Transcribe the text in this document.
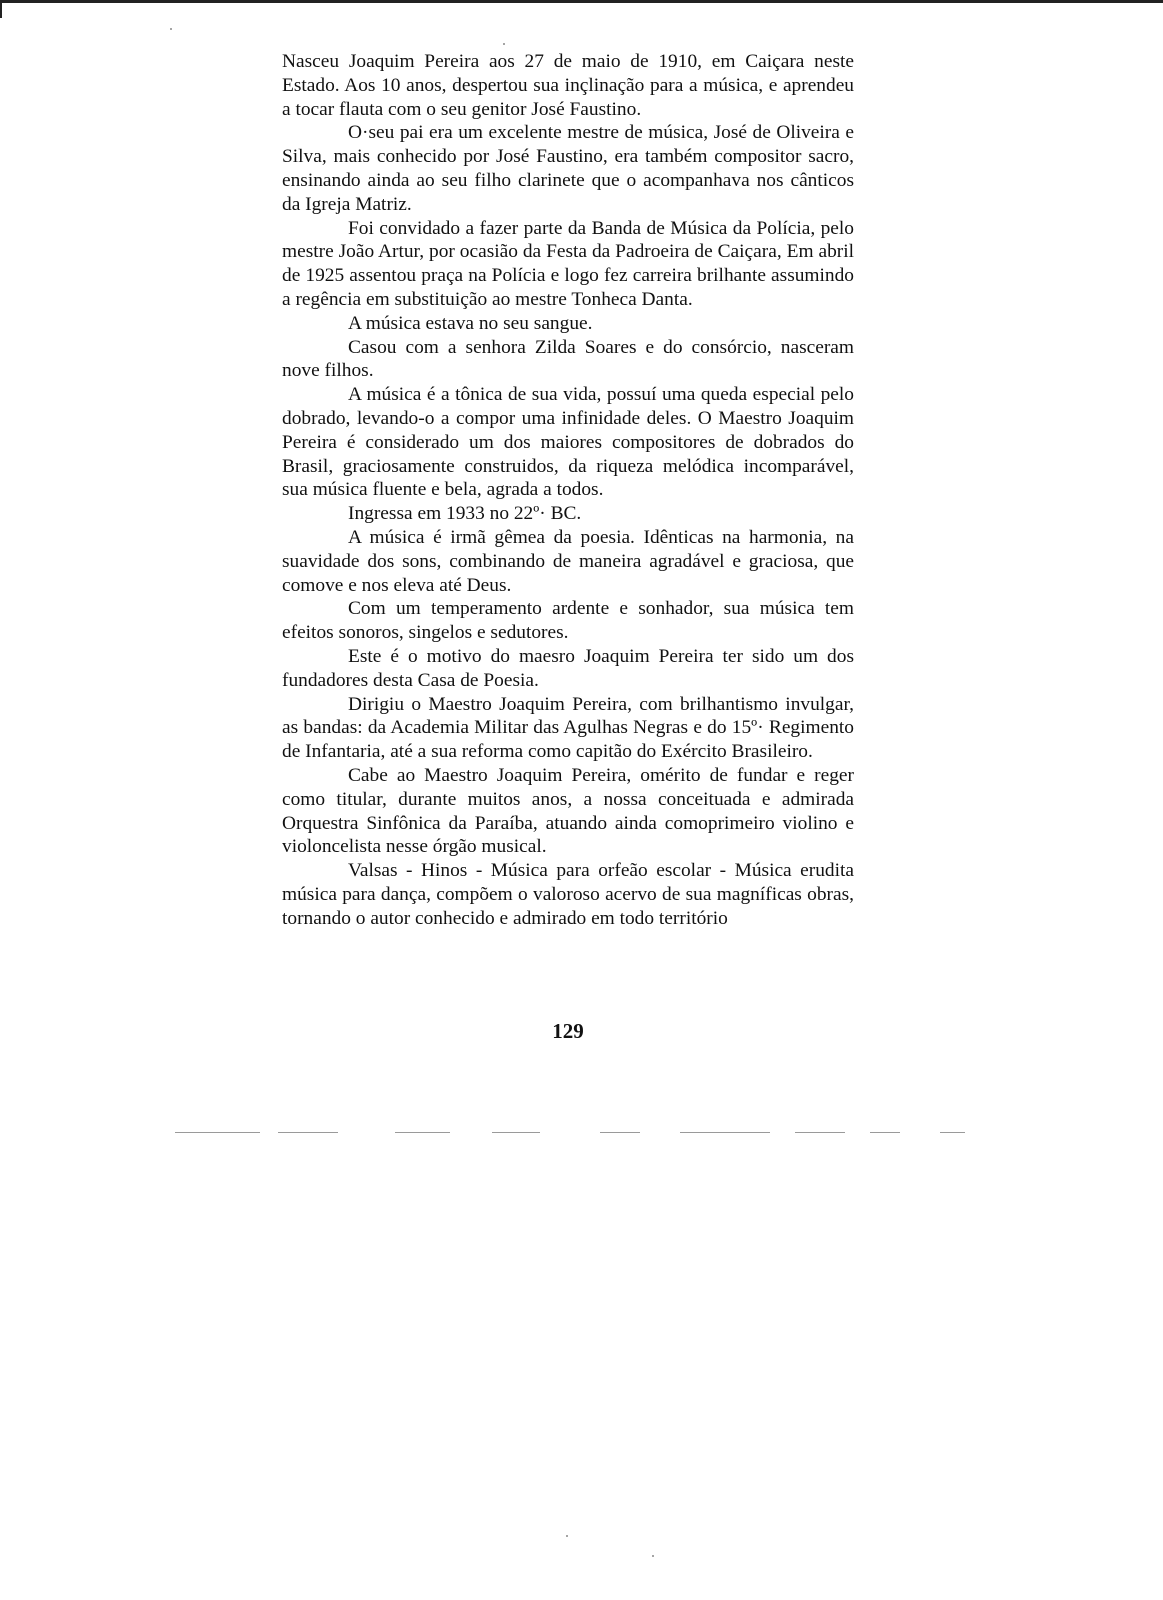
Nasceu Joaquim Pereira aos 27 de maio de 1910, em Caiçara neste Estado. Aos 10 anos, despertou sua inçlinação para a música, e aprendeu a tocar flauta com o seu genitor José Faustino.

O·seu pai era um excelente mestre de música, José de Oliveira e Silva, mais conhecido por José Faustino, era também compositor sacro, ensinando ainda ao seu filho clarinete que o acompanhava nos cânticos da Igreja Matriz.

Foi convidado a fazer parte da Banda de Música da Polícia, pelo mestre João Artur, por ocasião da Festa da Padroeira de Caiçara, Em abril de 1925 assentou praça na Polícia e logo fez carreira brilhante assumindo a regência em substituição ao mestre Tonheca Danta.

A música estava no seu sangue.

Casou com a senhora Zilda Soares e do consórcio, nasceram nove filhos.

A música é a tônica de sua vida, possuí uma queda especial pelo dobrado, levando-o a compor uma infinidade deles. O Maestro Joaquim Pereira é considerado um dos maiores compositores de dobrados do Brasil, graciosamente construidos, da riqueza melódica incomparável, sua música fluente e bela, agrada a todos.

Ingressa em 1933 no 22º· BC.

A música é irmã gêmea da poesia. Idênticas na harmonia, na suavidade dos sons, combinando de maneira agradável e graciosa, que comove e nos eleva até Deus.

Com um temperamento ardente e sonhador, sua música tem efeitos sonoros, singelos e sedutores.

Este é o motivo do maesro Joaquim Pereira ter sido um dos fundadores desta Casa de Poesia.

Dirigiu o Maestro Joaquim Pereira, com brilhantismo invulgar, as bandas: da Academia Militar das Agulhas Negras e do 15º· Regimento de Infantaria, até a sua reforma como capitão do Exército Brasileiro.

Cabe ao Maestro Joaquim Pereira, omérito de fundar e reger como titular, durante muitos anos, a nossa conceituada e admirada Orquestra Sinfônica da Paraíba, atuando ainda comoprimeiro violino e violoncelista nesse órgão musical.

Valsas - Hinos - Música para orfeão escolar - Música erudita música para dança, compõem o valoroso acervo de sua magníficas obras, tornando o autor conhecido e admirado em todo território

129
